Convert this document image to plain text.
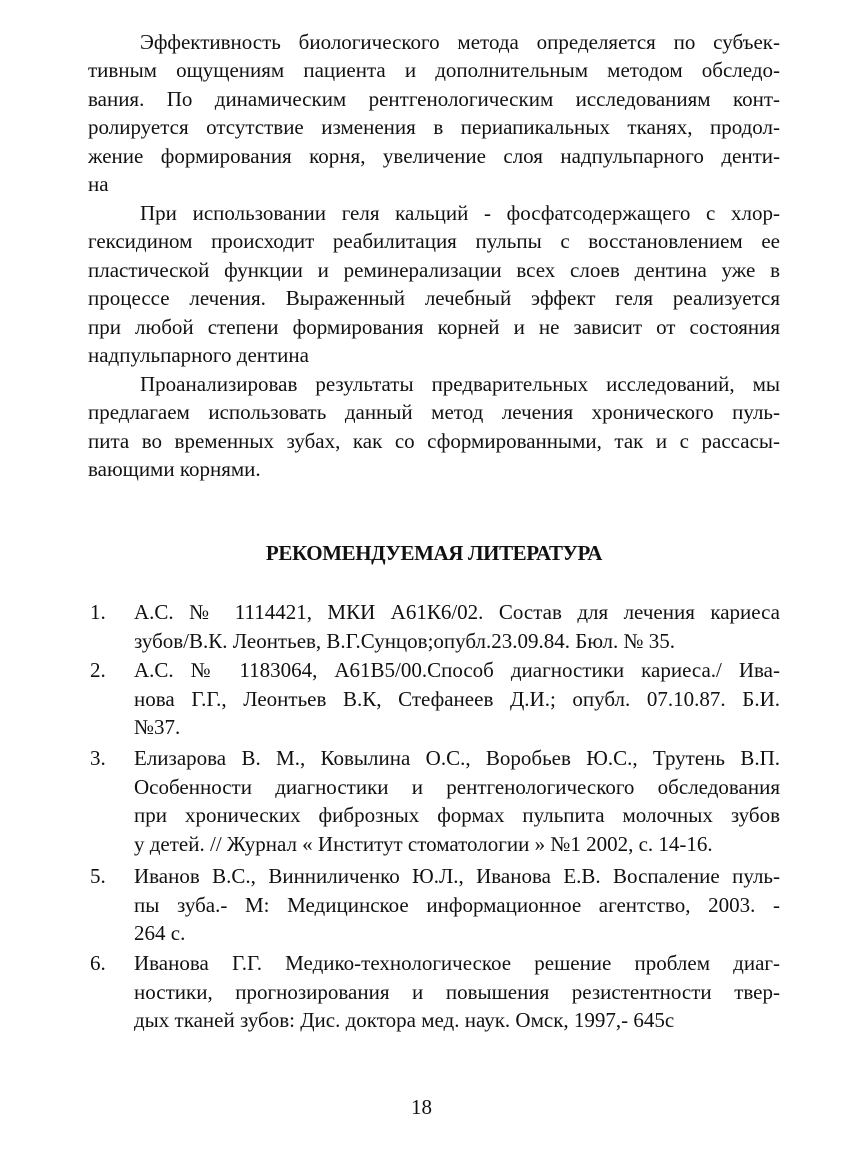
Эффективность биологического метода определяется по субъек-
тивным ощущениям пациента и дополнительным методом обследо-
вания. По динамическим рентгенологическим исследованиям конт-
ролируется отсутствие изменения в периапикальных тканях, продол-
жение формирования корня, увеличение слоя надпульпарного денти-
на
При использовании геля кальций - фосфатсодержащего с хлор-
гексидином происходит реабилитация пульпы с восстановлением ее
пластической функции и реминерализации всех слоев дентина уже в
процессе лечения. Выраженный лечебный эффект геля реализуется
при любой степени формирования корней и не зависит от состояния
надпульпарного дентина
Проанализировав результаты предварительных исследований, мы
предлагаем использовать данный метод лечения хронического пуль-
пита во временных зубах, как со сформированными, так и с рассасы-
вающими корнями.
РЕКОМЕНДУЕМАЯ ЛИТЕРАТУРА
1. А.С. № 1114421, МКИ А61К6/02. Состав для лечения кариеса
зубов/В.К. Леонтьев, В.Г.Сунцов;опубл.23.09.84. Бюл. № 35.
2. А.С. № 1183064, А61В5/00.Способ диагностики кариеса./ Ива-
нова Г.Г., Леонтьев В.К, Стефанеев Д.И.; опубл. 07.10.87. Б.И.
№37.
3. Елизарова В. М., Ковылина О.С., Воробьев Ю.С., Трутень В.П.
Особенности диагностики и рентгенологического обследования
при хронических фиброзных формах пульпита молочных зубов
у детей. // Журнал « Институт стоматологии » №1 2002, с. 14-16.
5. Иванов В.С., Винниличенко Ю.Л., Иванова Е.В. Воспаление пуль-
пы зуба.- М: Медицинское информационное агентство, 2003. -
264 с.
6. Иванова Г.Г. Медико-технологическое решение проблем диаг-
ностики, прогнозирования и повышения резистентности твер-
дых тканей зубов: Дис. доктора мед. наук. Омск, 1997,- 645с
18
